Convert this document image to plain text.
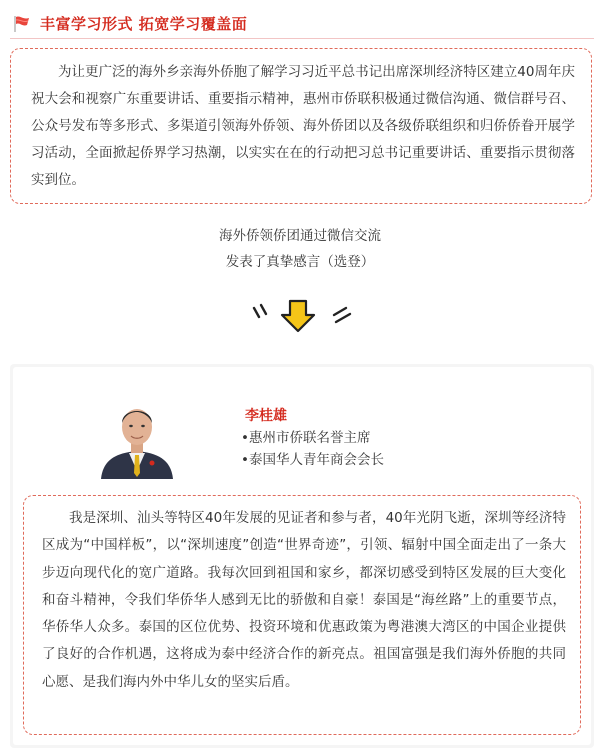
丰富学习形式 拓宽学习覆盖面

为让更广泛的海外乡亲海外侨胞了解学习习近平总书记出席深圳经济特区建立40周年庆祝大会和视察广东重要讲话、重要指示精神，惠州市侨联积极通过微信沟通、微信群号召、公众号发布等多形式、多渠道引领海外侨领、海外侨团以及各级侨联组织和归侨侨眷开展学习活动，全面掀起侨界学习热潮，以实实在在的行动把习总书记重要讲话、重要指示贯彻落实到位。

海外侨领侨团通过微信交流
发表了真挚感言（选登）
李桂雄
•惠州市侨联名誉主席
•泰国华人青年商会会长

我是深圳、汕头等特区40年发展的见证者和参与者，40年光阴飞逝，深圳等经济特区成为“中国样板”，以“深圳速度”创造“世界奇迹”，引领、辐射中国全面走出了一条大步迈向现代化的宽广道路。我每次回到祖国和家乡，都深切感受到特区发展的巨大变化和奋斗精神，令我们华侨华人感到无比的骄傲和自豪！泰国是“海丝路”上的重要节点，华侨华人众多。泰国的区位优势、投资环境和优惠政策为粤港澳大湾区的中国企业提供了良好的合作机遇，这将成为泰中经济合作的新亮点。祖国富强是我们海外侨胞的共同心愿、是我们海内外中华儿女的坚实后盾。
